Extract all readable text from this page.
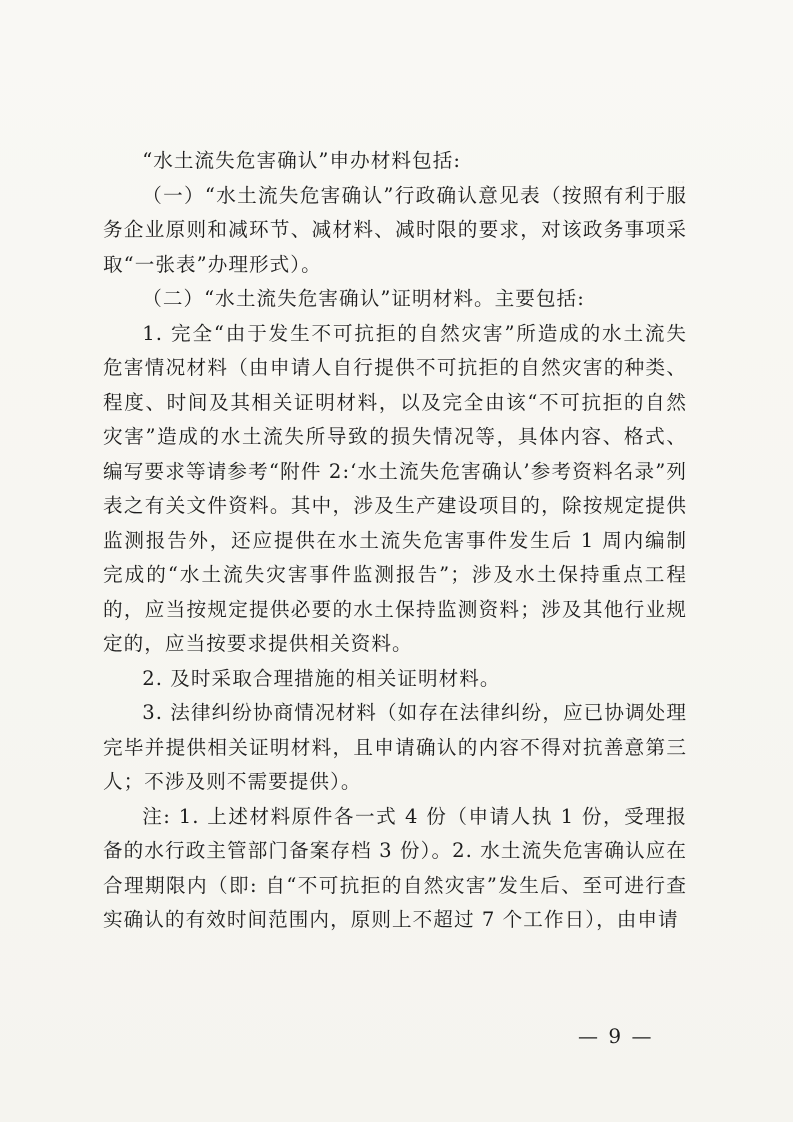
…

“水土流失危害确认”申办材料包括:

（一）“水土流失危害确认”行政确认意见表（按照有利于服务企业原则和减环节、减材料、减时限的要求，对该政务事项采取“一张表”办理形式）。

（二）“水土流失危害确认”证明材料。主要包括:

1. 完全“由于发生不可抗拒的自然灾害”所造成的水土流失危害情况材料（由申请人自行提供不可抗拒的自然灾害的种类、程度、时间及其相关证明材料，以及完全由该“不可抗拒的自然灾害”造成的水土流失所导致的损失情况等，具体内容、格式、编写要求等请参考“附件 2:‘水土流失危害确认’参考资料名录”列表之有关文件资料。其中，涉及生产建设项目的，除按规定提供监测报告外，还应提供在水土流失危害事件发生后 1 周内编制完成的“水土流失灾害事件监测报告”；涉及水土保持重点工程的，应当按规定提供必要的水土保持监测资料；涉及其他行业规定的，应当按要求提供相关资料。

2. 及时采取合理措施的相关证明材料。

3. 法律纠纷协商情况材料（如存在法律纠纷，应已协调处理完毕并提供相关证明材料，且申请确认的内容不得对抗善意第三人；不涉及则不需要提供）。

注: 1. 上述材料原件各一式 4 份（申请人执 1 份，受理报备的水行政主管部门备案存档 3 份）。2. 水土流失危害确认应在合理期限内（即: 自“不可抗拒的自然灾害”发生后、至可进行查实确认的有效时间范围内，原则上不超过 7 个工作日），由申请

— 9 —
